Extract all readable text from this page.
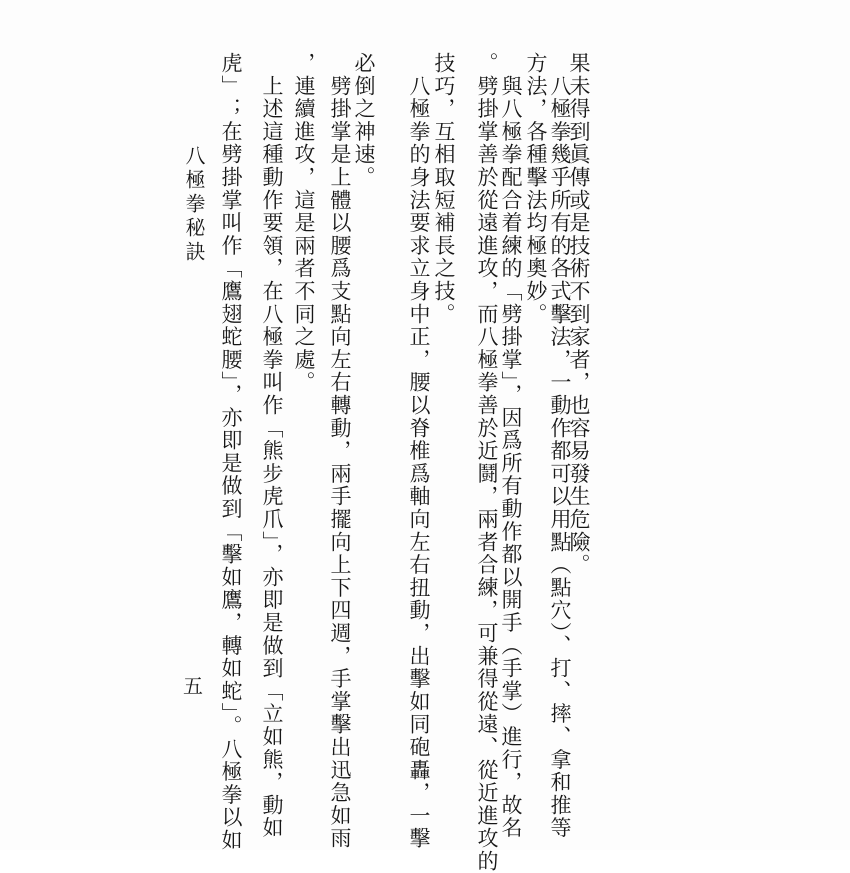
果未得到眞傳或是技術不到家者，也容易發生危險。
　八極拳幾乎所有的各式擊法，一動作都可以用點（點穴）、打、摔、拿和推等
方法，各種擊法均極奧妙。
　與八極拳配合着練的「劈掛掌」，因爲所有動作都以開手（手掌）進行，故名
。劈掛掌善於從遠進攻，而八極拳善於近鬪，兩者合練，可兼得從遠、從近進攻的
技巧，互相取短補長之技。
　八極拳的身法要求立身中正，腰以脊椎爲軸向左右扭動，出擊如同砲轟，一擊
必倒之神速。
　劈掛掌是上體以腰爲支點向左右轉動，兩手擺向上下四週，手掌擊出迅急如雨
，連續進攻，這是兩者不同之處。
　上述這種動作要領，在八極拳叫作「熊步虎爪」，亦即是做到「立如熊，動如
虎」；在劈掛掌叫作「鷹翅蛇腰」，亦即是做到「擊如鷹，轉如蛇」。八極拳以如
八極拳秘訣
五
